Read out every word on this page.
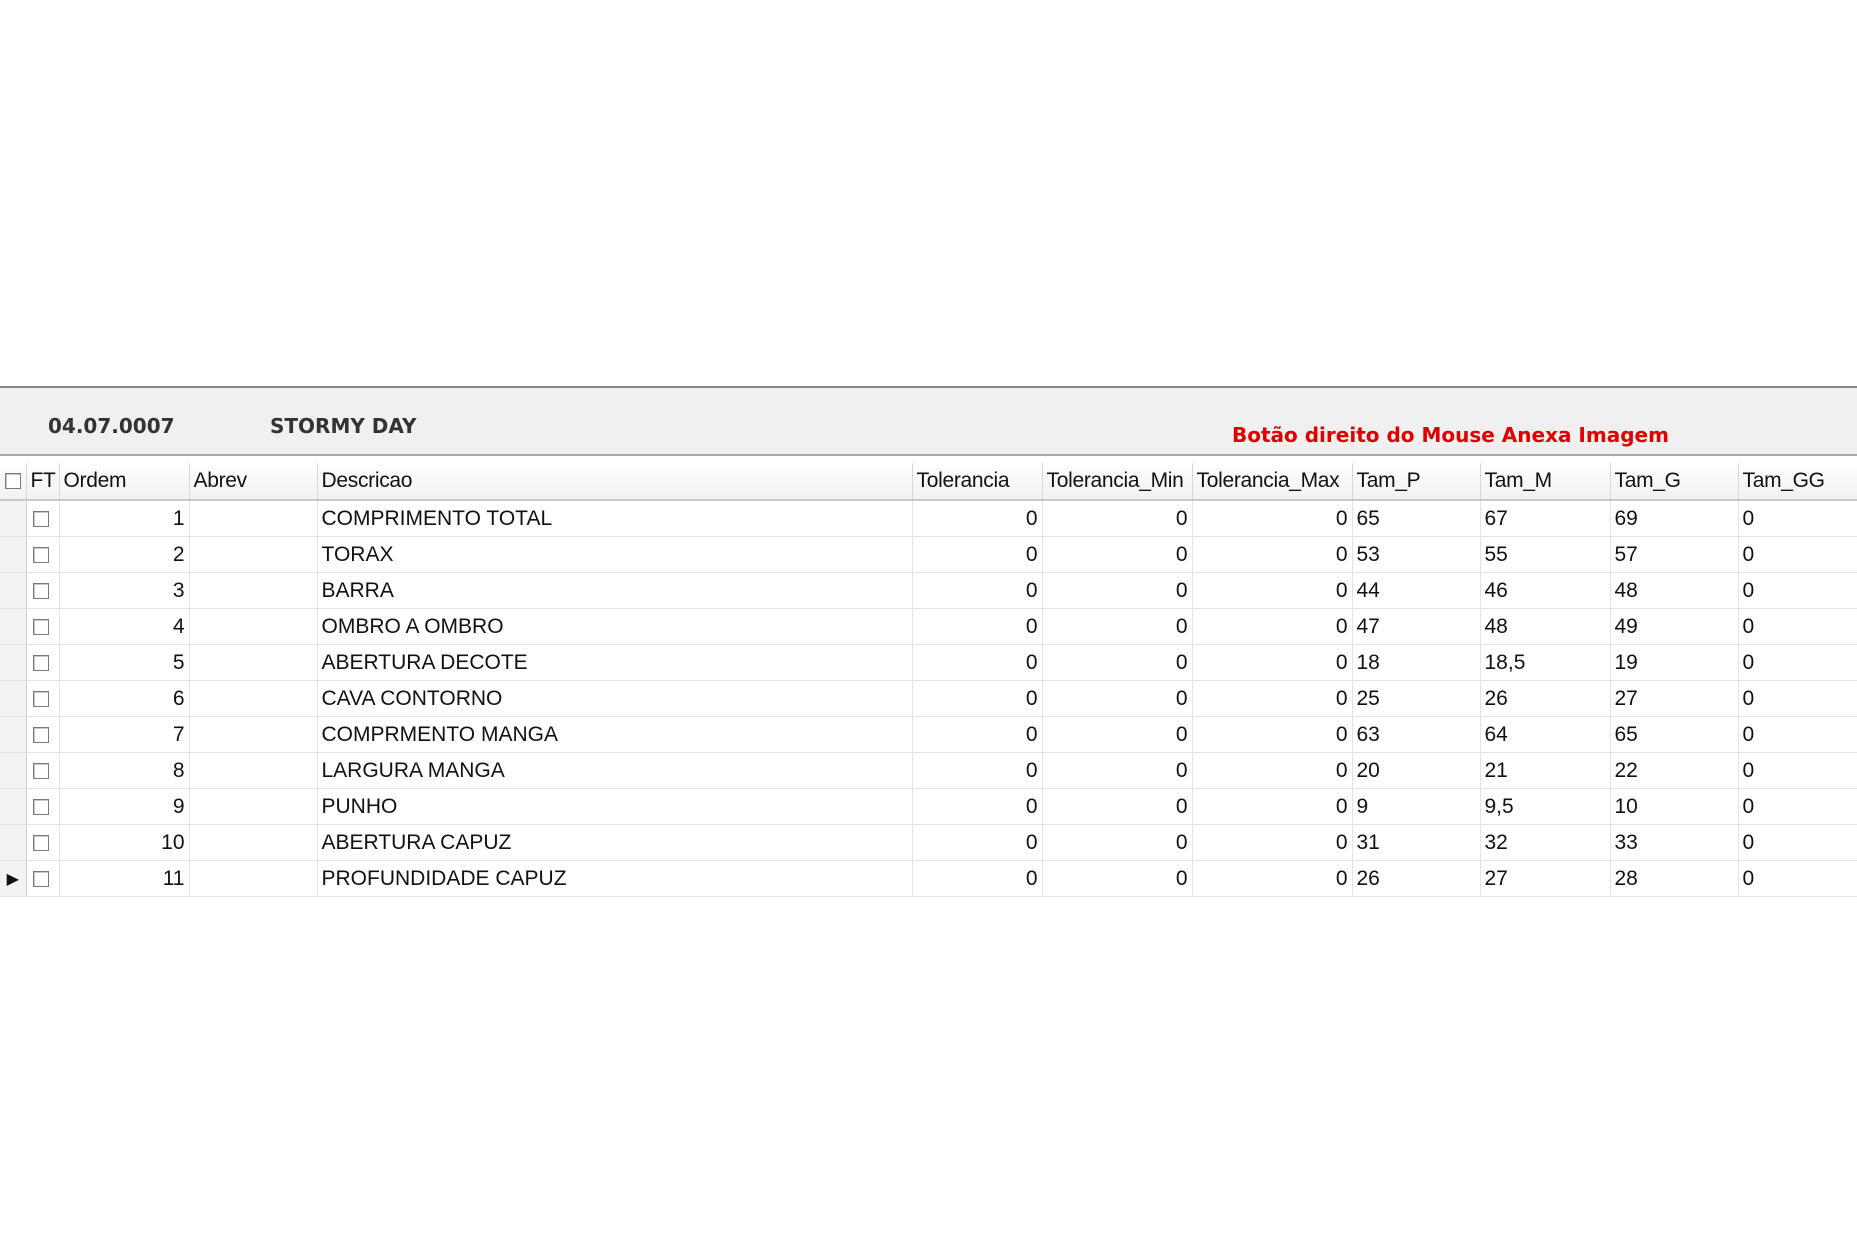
04.07.0007	STORMY DAY	Botão direito do Mouse Anexa Imagem
	FT	Ordem	Abrev	Descricao	Tolerancia	Tolerancia_Min	Tolerancia_Max	Tam_P	Tam_M	Tam_G	Tam_GG
		1		COMPRIMENTO TOTAL	0	0	0	65	67	69	0
		2		TORAX	0	0	0	53	55	57	0
		3		BARRA	0	0	0	44	46	48	0
		4		OMBRO A OMBRO	0	0	0	47	48	49	0
		5		ABERTURA DECOTE	0	0	0	18	18,5	19	0
		6		CAVA CONTORNO	0	0	0	25	26	27	0
		7		COMPRMENTO MANGA	0	0	0	63	64	65	0
		8		LARGURA MANGA	0	0	0	20	21	22	0
		9		PUNHO	0	0	0	9	9,5	10	0
		10		ABERTURA CAPUZ	0	0	0	31	32	33	0
▶		11		PROFUNDIDADE CAPUZ	0	0	0	26	27	28	0
